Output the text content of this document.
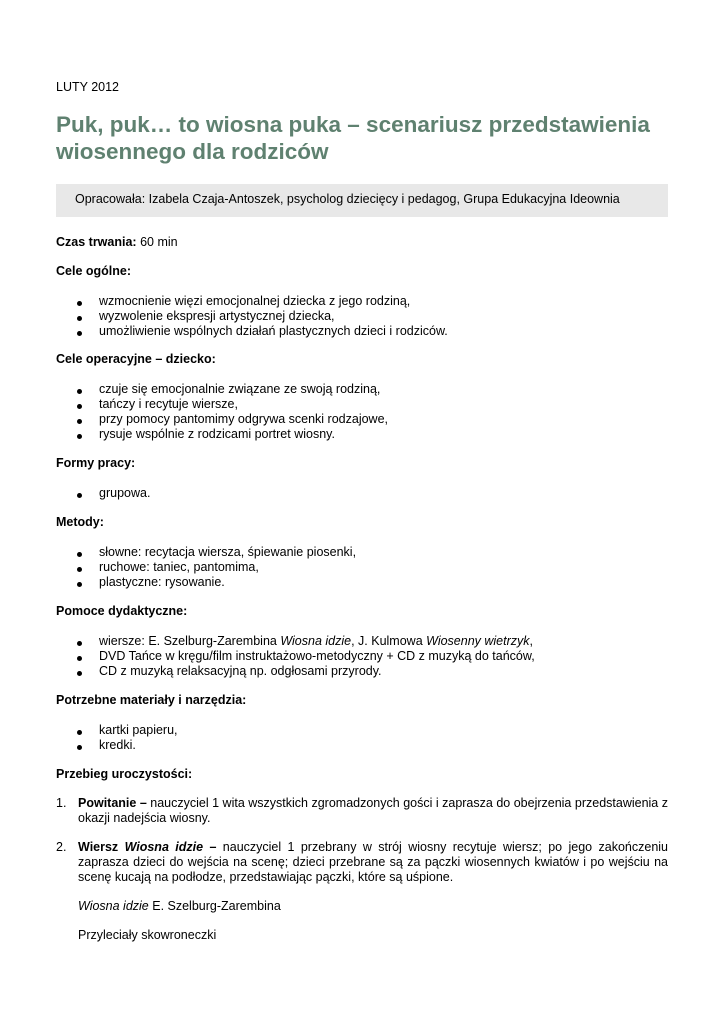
LUTY 2012
Puk, puk… to wiosna puka – scenariusz przedstawienia wiosennego dla rodziców
Opracowała: Izabela Czaja-Antoszek, psycholog dziecięcy i pedagog, Grupa Edukacyjna Ideownia

Czas trwania: 60 min

Cele ogólne:

wzmocnienie więzi emocjonalnej dziecka z jego rodziną,
wyzwolenie ekspresji artystycznej dziecka,
umożliwienie wspólnych działań plastycznych dzieci i rodziców.

Cele operacyjne – dziecko:

czuje się emocjonalnie związane ze swoją rodziną,
tańczy i recytuje wiersze,
przy pomocy pantomimy odgrywa scenki rodzajowe,
rysuje wspólnie z rodzicami portret wiosny.

Formy pracy:

grupowa.

Metody:

słowne: recytacja wiersza, śpiewanie piosenki,
ruchowe: taniec, pantomima,
plastyczne: rysowanie.

Pomoce dydaktyczne:

wiersze: E. Szelburg-Zarembina Wiosna idzie, J. Kulmowa Wiosenny wietrzyk,
DVD Tańce w kręgu/film instruktażowo-metodyczny + CD z muzyką do tańców,
CD z muzyką relaksacyjną np. odgłosami przyrody.

Potrzebne materiały i narzędzia:

kartki papieru,
kredki.

Przebieg uroczystości:

1. Powitanie – nauczyciel 1 wita wszystkich zgromadzonych gości i zaprasza do obejrzenia przedstawienia z okazji nadejścia wiosny.
2. Wiersz Wiosna idzie – nauczyciel 1 przebrany w strój wiosny recytuje wiersz; po jego zakończeniu zaprasza dzieci do wejścia na scenę; dzieci przebrane są za pączki wiosennych kwiatów i po wejściu na scenę kucają na podłodze, przedstawiając pączki, które są uśpione.

Wiosna idzie E. Szelburg-Zarembina

Przyleciały skowroneczki
